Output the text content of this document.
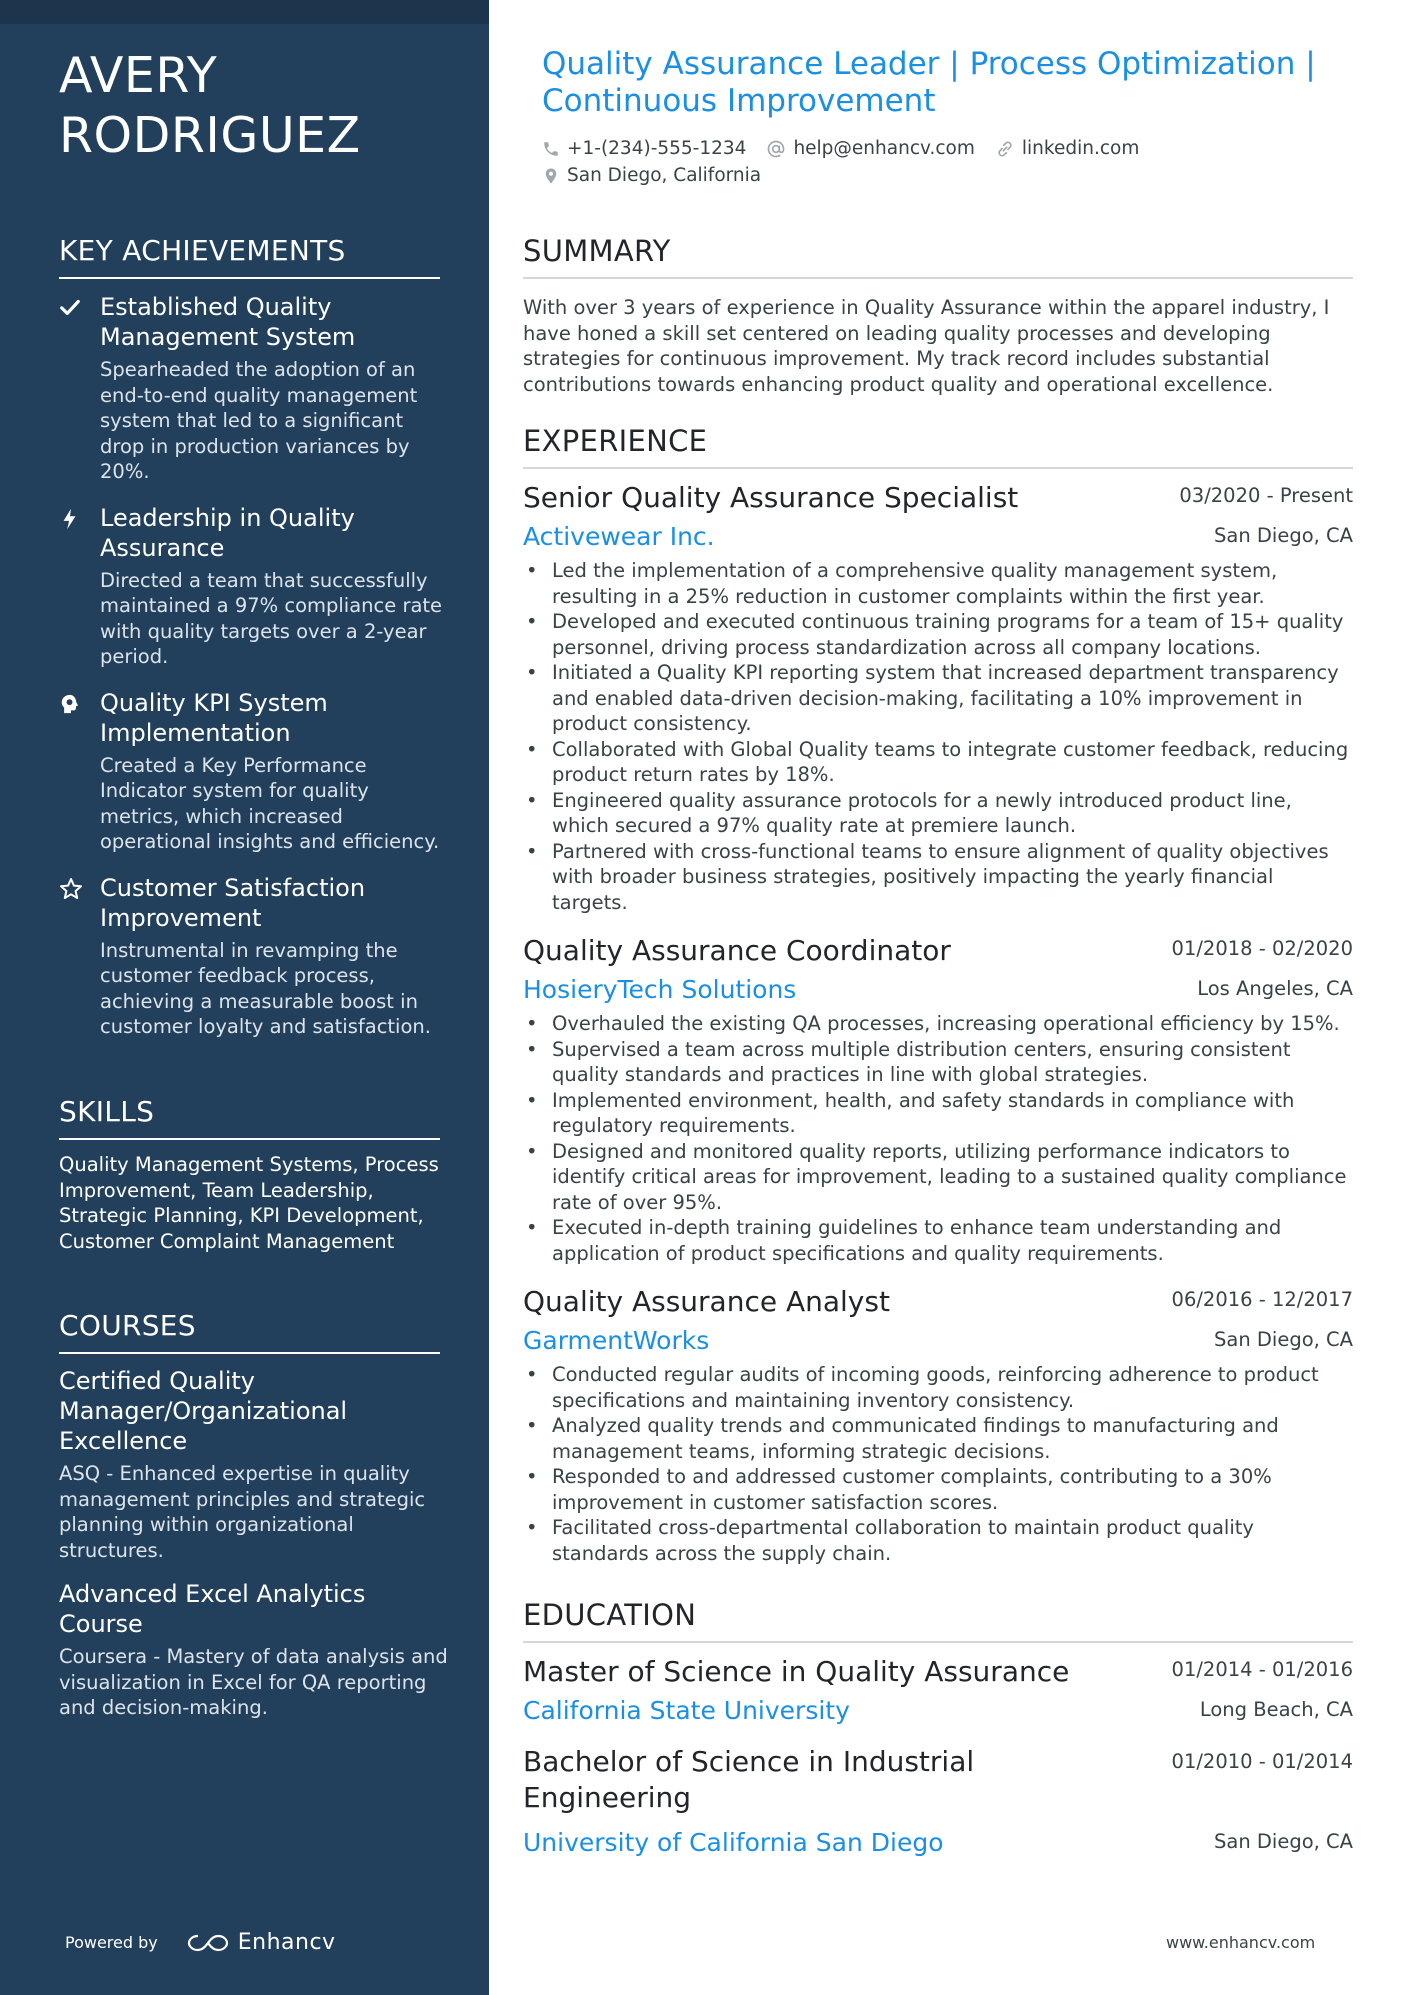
AVERY
RODRIGUEZ
KEY ACHIEVEMENTS
Established Quality Management System
Spearheaded the adoption of an end-to-end quality management system that led to a significant drop in production variances by 20%.
Leadership in Quality Assurance
Directed a team that successfully maintained a 97% compliance rate with quality targets over a 2-year period.
Quality KPI System Implementation
Created a Key Performance Indicator system for quality metrics, which increased operational insights and efficiency.
Customer Satisfaction Improvement
Instrumental in revamping the customer feedback process, achieving a measurable boost in customer loyalty and satisfaction.
SKILLS
Quality Management Systems, Process Improvement, Team Leadership, Strategic Planning, KPI Development, Customer Complaint Management
COURSES
Certified Quality Manager/Organizational Excellence
ASQ - Enhanced expertise in quality management principles and strategic planning within organizational structures.
Advanced Excel Analytics Course
Coursera - Mastery of data analysis and visualization in Excel for QA reporting and decision-making.
Powered by	Enhancv
Quality Assurance Leader | Process Optimization |
Continuous Improvement
+1-(234)-555-1234	help@enhancv.com	linkedin.com
San Diego, California
SUMMARY
With over 3 years of experience in Quality Assurance within the apparel industry, I have honed a skill set centered on leading quality processes and developing strategies for continuous improvement. My track record includes substantial contributions towards enhancing product quality and operational excellence.
EXPERIENCE
Senior Quality Assurance Specialist	03/2020 - Present
Activewear Inc.	San Diego, CA
• Led the implementation of a comprehensive quality management system, resulting in a 25% reduction in customer complaints within the first year.
• Developed and executed continuous training programs for a team of 15+ quality personnel, driving process standardization across all company locations.
• Initiated a Quality KPI reporting system that increased department transparency and enabled data-driven decision-making, facilitating a 10% improvement in product consistency.
• Collaborated with Global Quality teams to integrate customer feedback, reducing product return rates by 18%.
• Engineered quality assurance protocols for a newly introduced product line, which secured a 97% quality rate at premiere launch.
• Partnered with cross-functional teams to ensure alignment of quality objectives with broader business strategies, positively impacting the yearly financial targets.
Quality Assurance Coordinator	01/2018 - 02/2020
HosieryTech Solutions	Los Angeles, CA
• Overhauled the existing QA processes, increasing operational efficiency by 15%.
• Supervised a team across multiple distribution centers, ensuring consistent quality standards and practices in line with global strategies.
• Implemented environment, health, and safety standards in compliance with regulatory requirements.
• Designed and monitored quality reports, utilizing performance indicators to identify critical areas for improvement, leading to a sustained quality compliance rate of over 95%.
• Executed in-depth training guidelines to enhance team understanding and application of product specifications and quality requirements.
Quality Assurance Analyst	06/2016 - 12/2017
GarmentWorks	San Diego, CA
• Conducted regular audits of incoming goods, reinforcing adherence to product specifications and maintaining inventory consistency.
• Analyzed quality trends and communicated findings to manufacturing and management teams, informing strategic decisions.
• Responded to and addressed customer complaints, contributing to a 30% improvement in customer satisfaction scores.
• Facilitated cross-departmental collaboration to maintain product quality standards across the supply chain.
EDUCATION
Master of Science in Quality Assurance	01/2014 - 01/2016
California State University	Long Beach, CA
Bachelor of Science in Industrial Engineering
01/2010 - 01/2014
University of California San Diego	San Diego, CA
www.enhancv.com
